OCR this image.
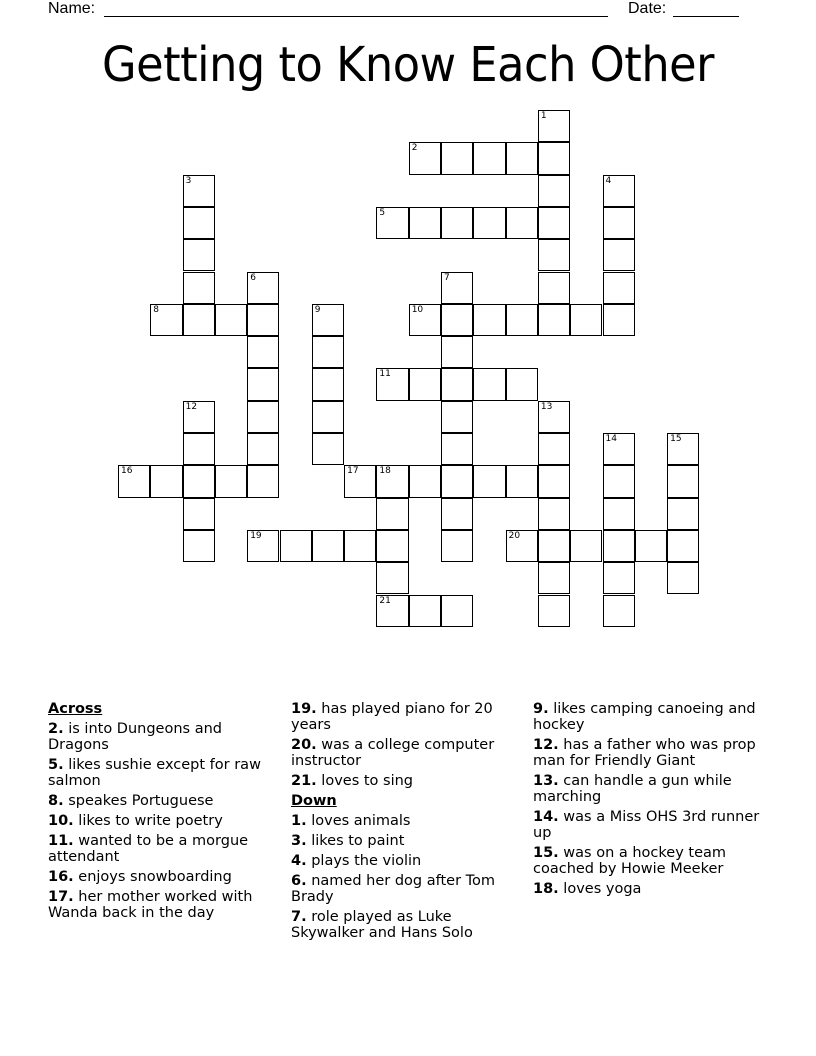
Name:	Date:
Getting to Know Each Other
1
2
3	4
5
6	7
8	9	10
11
12	13
14	15
16	17 18
21
19	20
Across
2. is into Dungeons and Dragons
5. likes sushie except for raw salmon
8. speakes Portuguese
10. likes to write poetry
11. wanted to be a morgue attendant
16. enjoys snowboarding
17. her mother worked with Wanda back in the day
19. has played piano for 20 years
20. was a college computer instructor
21. loves to sing
Down
1. loves animals
3. likes to paint
4. plays the violin
6. named her dog after Tom Brady
7. role played as Luke Skywalker and Hans Solo
9. likes camping canoeing and hockey
12. has a father who was prop man for Friendly Giant
13. can handle a gun while marching
14. was a Miss OHS 3rd runner up
15. was on a hockey team coached by Howie Meeker
18. loves yoga
